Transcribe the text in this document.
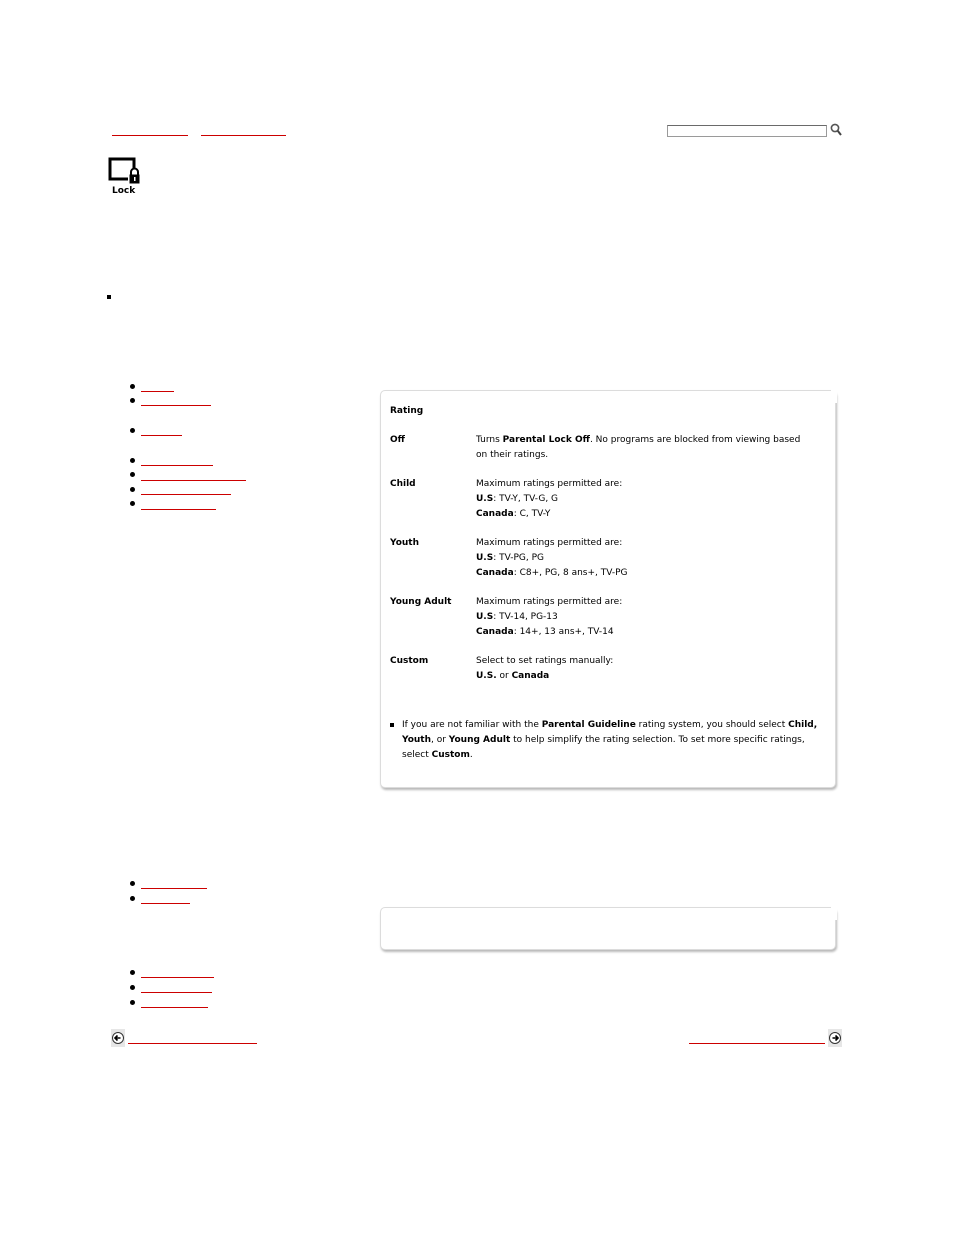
Lock
Rating	

Off	Turns Parental Lock Off. No programs are blocked from viewing based
on their ratings.

Child	Maximum ratings permitted are:
U.S: TV-Y, TV-G, G
Canada: C, TV-Y

Youth	Maximum ratings permitted are:
U.S: TV-PG, PG
Canada: C8+, PG, 8 ans+, TV-PG

Young Adult	Maximum ratings permitted are:
U.S: TV-14, PG-13
Canada: 14+, 13 ans+, TV-14

Custom	Select to set ratings manually:
U.S. or Canada
If you are not familiar with the Parental Guideline rating system, you should select Child, Youth, or Young Adult to help simplify the rating selection. To set more specific ratings, select Custom.
